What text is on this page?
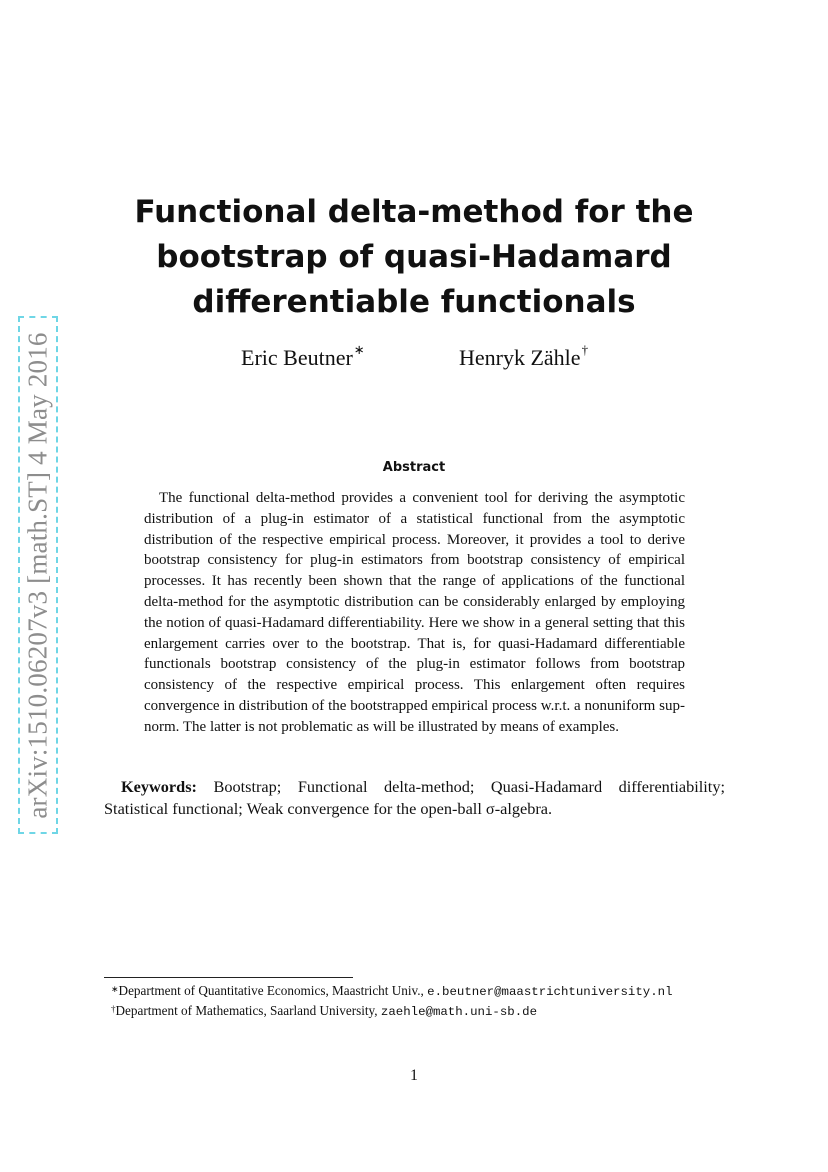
arXiv:1510.06207v3 [math.ST] 4 May 2016
Functional delta-method for the
bootstrap of quasi-Hadamard
differentiable functionals
Eric Beutner∗	Henryk Zähle†
Abstract

The functional delta-method provides a convenient tool for deriving the asymptotic distribution of a plug-in estimator of a statistical functional from the asymptotic distribution of the respective empirical process. Moreover, it provides a tool to derive bootstrap consistency for plug-in estimators from bootstrap consistency of empirical processes. It has recently been shown that the range of applications of the functional delta-method for the asymptotic distribution can be considerably enlarged by employing the notion of quasi-Hadamard differentiability. Here we show in a general setting that this enlargement carries over to the bootstrap. That is, for quasi-Hadamard differentiable functionals bootstrap consistency of the plug-in estimator follows from bootstrap consistency of the respective empirical process. This enlargement often requires convergence in distribution of the bootstrapped empirical process w.r.t. a nonuniform sup-norm. The latter is not problematic as will be illustrated by means of examples.

Keywords: Bootstrap; Functional delta-method; Quasi-Hadamard differentiability; Statistical functional; Weak convergence for the open-ball σ-algebra.

∗Department of Quantitative Economics, Maastricht Univ., e.beutner@maastrichtuniversity.nl
†Department of Mathematics, Saarland University, zaehle@math.uni-sb.de
1
